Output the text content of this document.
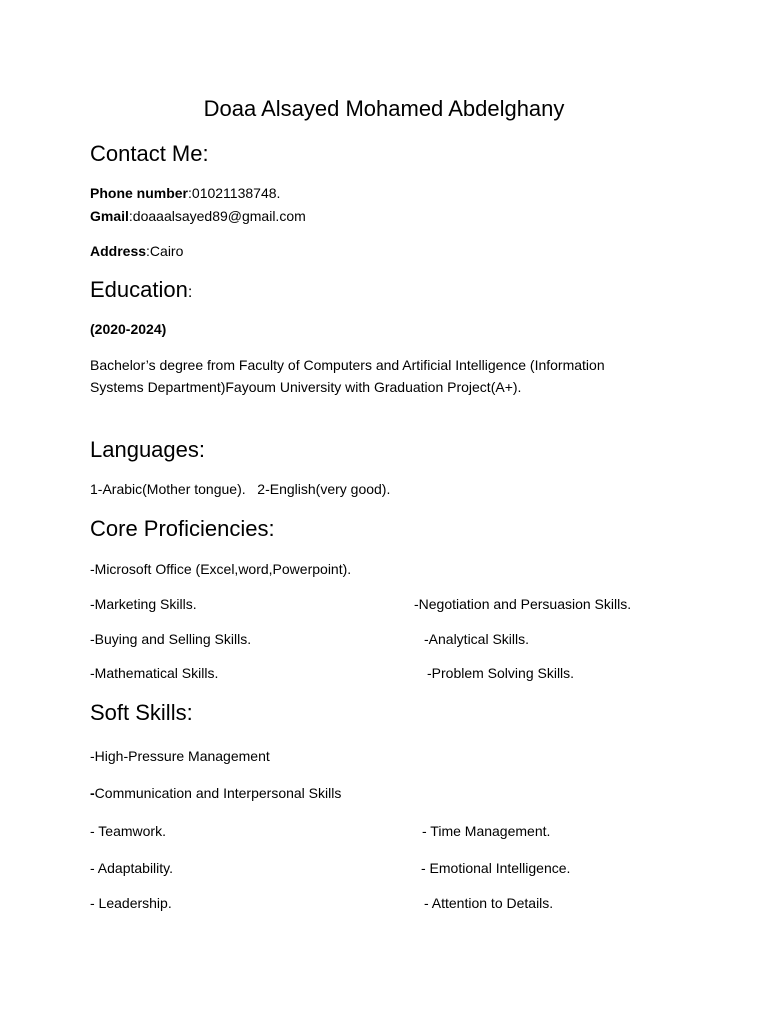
Doaa Alsayed Mohamed Abdelghany
Contact Me:
Phone number:01021138748.
Gmail:doaaalsayed89@gmail.com
Address:Cairo
Education:
(2020-2024)
Bachelor’s degree from Faculty of Computers and Artificial Intelligence (Information Systems Department)Fayoum University with Graduation Project(A+).
Languages:
1-Arabic(Mother tongue).   2-English(very good).
Core Proficiencies:
-Microsoft Office (Excel,word,Powerpoint).
-Marketing Skills.	-Negotiation and Persuasion Skills.
-Buying and Selling Skills.	-Analytical Skills.
-Mathematical Skills.	-Problem Solving Skills.
Soft Skills:
-High-Pressure Management
-Communication and Interpersonal Skills
- Teamwork.	- Time Management.
- Adaptability.	- Emotional Intelligence.
- Leadership.	- Attention to Details.
